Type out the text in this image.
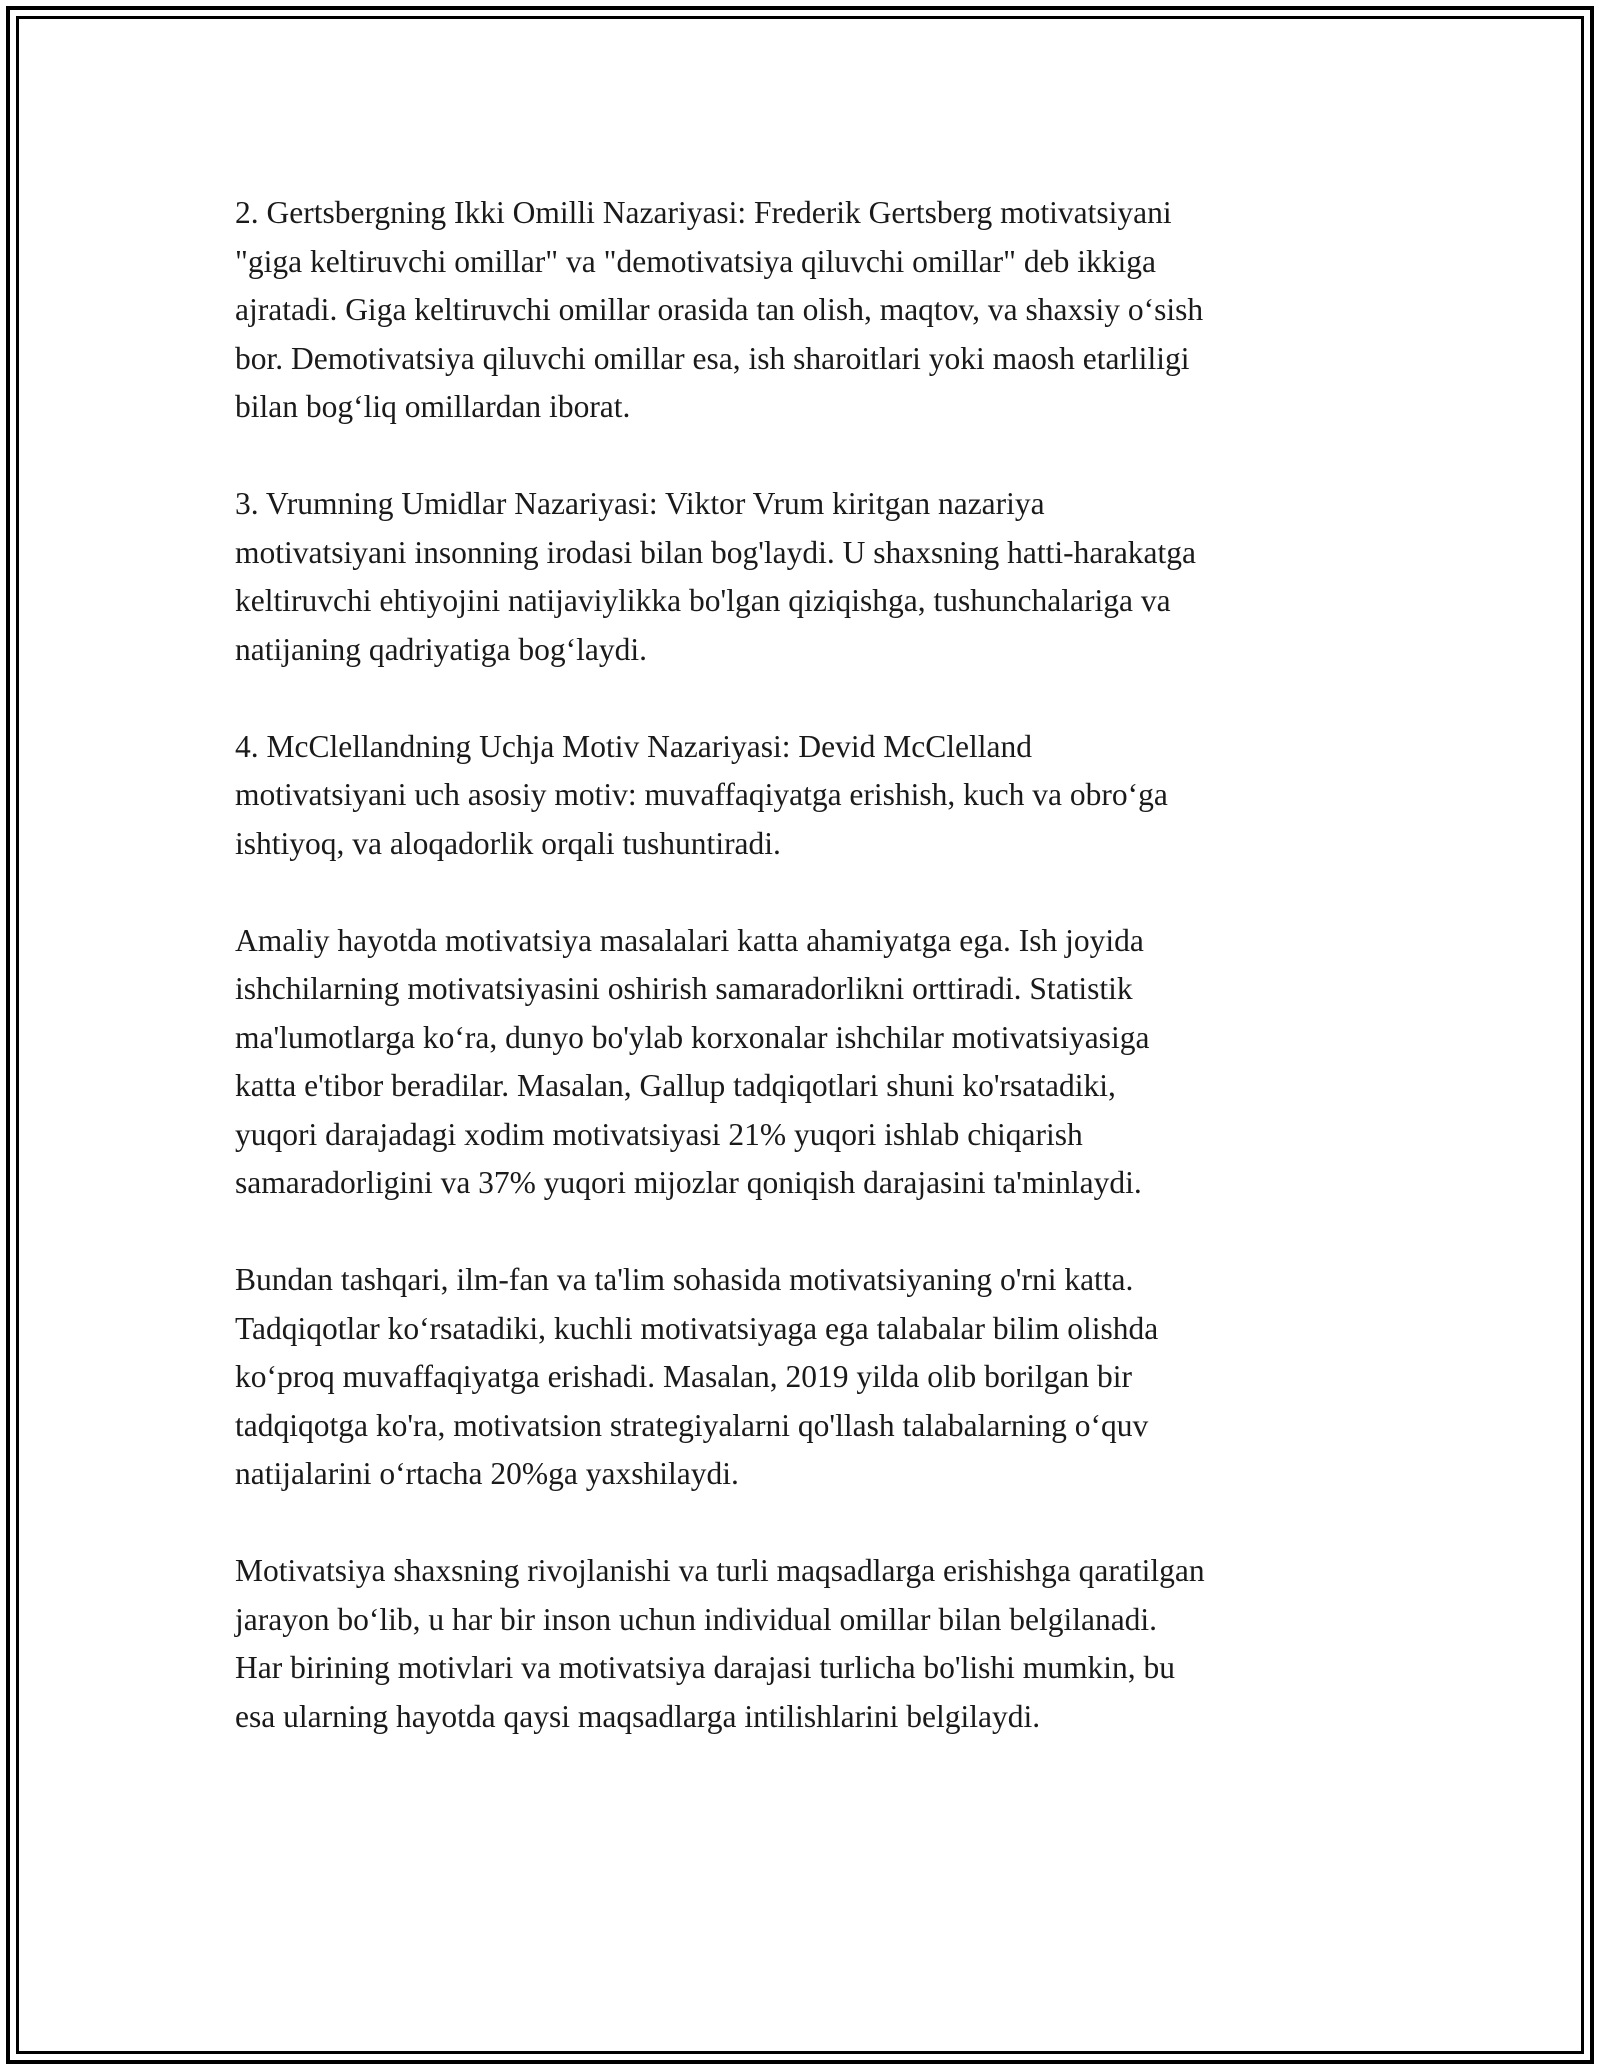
2. Gertsbergning Ikki Omilli Nazariyasi: Frederik Gertsberg motivatsiyani
"giga keltiruvchi omillar" va "demotivatsiya qiluvchi omillar" deb ikkiga
ajratadi. Giga keltiruvchi omillar orasida tan olish, maqtov, va shaxsiy o‘sish
bor. Demotivatsiya qiluvchi omillar esa, ish sharoitlari yoki maosh etarliligi
bilan bog‘liq omillardan iborat.

3. Vrumning Umidlar Nazariyasi: Viktor Vrum kiritgan nazariya
motivatsiyani insonning irodasi bilan bog'laydi. U shaxsning hatti-harakatga
keltiruvchi ehtiyojini natijaviylikka bo'lgan qiziqishga, tushunchalariga va
natijaning qadriyatiga bog‘laydi.

4. McClellandning Uchja Motiv Nazariyasi: Devid McClelland
motivatsiyani uch asosiy motiv: muvaffaqiyatga erishish, kuch va obro‘ga
ishtiyoq, va aloqadorlik orqali tushuntiradi.

Amaliy hayotda motivatsiya masalalari katta ahamiyatga ega. Ish joyida
ishchilarning motivatsiyasini oshirish samaradorlikni orttiradi. Statistik
ma'lumotlarga ko‘ra, dunyo bo'ylab korxonalar ishchilar motivatsiyasiga
katta e'tibor beradilar. Masalan, Gallup tadqiqotlari shuni ko'rsatadiki,
yuqori darajadagi xodim motivatsiyasi 21% yuqori ishlab chiqarish
samaradorligini va 37% yuqori mijozlar qoniqish darajasini ta'minlaydi.

Bundan tashqari, ilm-fan va ta'lim sohasida motivatsiyaning o'rni katta.
Tadqiqotlar ko‘rsatadiki, kuchli motivatsiyaga ega talabalar bilim olishda
ko‘proq muvaffaqiyatga erishadi. Masalan, 2019 yilda olib borilgan bir
tadqiqotga ko'ra, motivatsion strategiyalarni qo'llash talabalarning o‘quv
natijalarini o‘rtacha 20%ga yaxshilaydi.

Motivatsiya shaxsning rivojlanishi va turli maqsadlarga erishishga qaratilgan
jarayon bo‘lib, u har bir inson uchun individual omillar bilan belgilanadi.
Har birining motivlari va motivatsiya darajasi turlicha bo'lishi mumkin, bu
esa ularning hayotda qaysi maqsadlarga intilishlarini belgilaydi.
